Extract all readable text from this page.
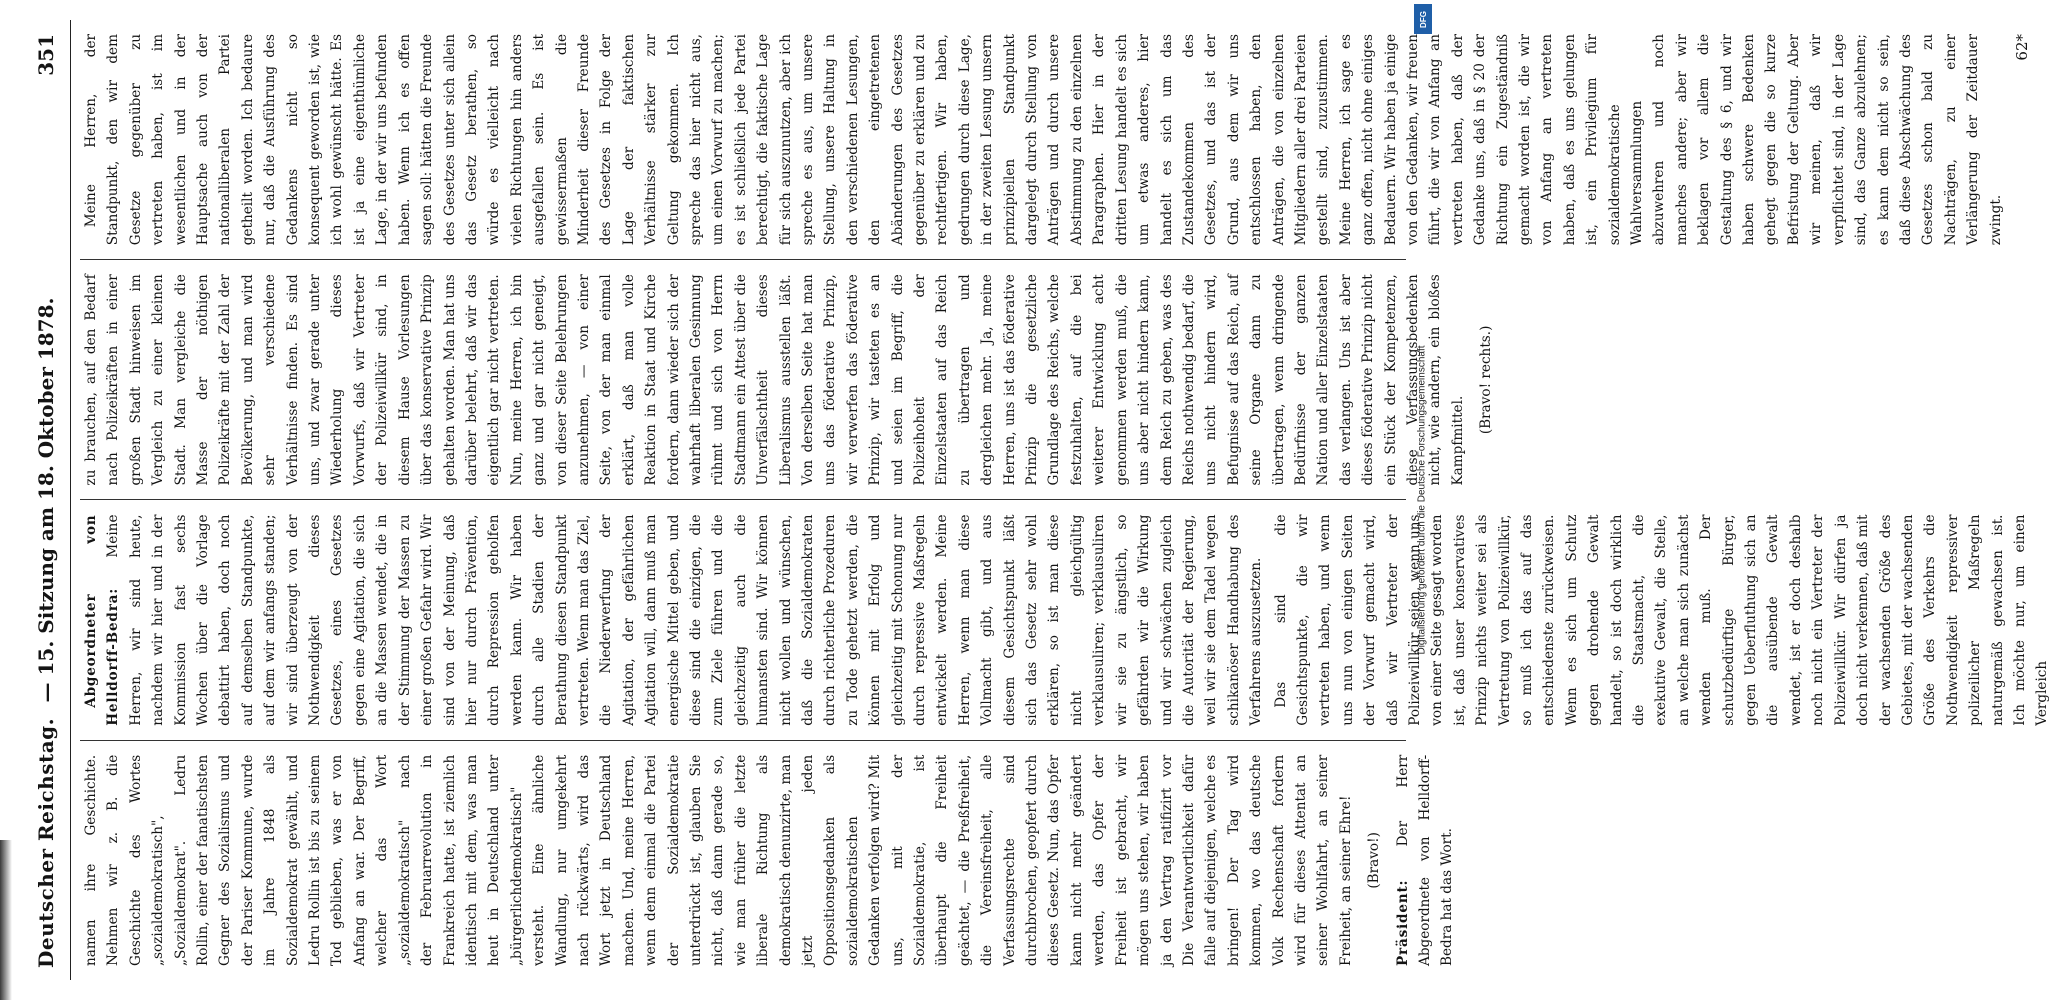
Deutscher Reichstag.
— 15. Sitzung am 18. Oktober 1878.
351

namen ihre Geschichte. Nehmen wir z. B. die Geschichte des Wortes „sozialdemokratisch", „Sozialdemokrat". Ledru Rollin, einer der fanatischsten Gegner des Sozialismus und der Pariser Kommune, wurde im Jahre 1848 als Sozialdemokrat gewählt, und Ledru Rollin ist bis zu seinem Tod geblieben, was er von Anfang an war. Der Begriff, welcher das Wort „sozialdemokratisch" nach der Februarrevolution in Frankreich hatte, ist ziemlich identisch mit dem, was man heut in Deutschland unter „bürgerlichdemokratisch" versteht. Eine ähnliche Wandlung, nur umgekehrt nach rückwärts, wird das Wort jetzt in Deutschland machen. Und, meine Herren, wenn denn einmal die Partei der Sozialdemokratie unterdrückt ist, glauben Sie nicht, daß dann gerade so, wie man früher die letzte liberale Richtung als demokratisch denunzirte, man jetzt jeden Oppositionsgedanken als sozialdemokratischen Gedanken verfolgen wird? Mit uns, mit der Sozialdemokratie, ist überhaupt die Freiheit geächtet, — die Preßfreiheit, die Vereinsfreiheit, alle Verfassungsrechte sind durchbrochen, geopfert durch dieses Gesetz. Nun, das Opfer kann nicht mehr geändert werden, das Opfer der Freiheit ist gebracht, wir mögen uns stehen, wir haben ja den Vertrag ratifizirt vor Die Verantwortlichkeit dafür falle auf diejenigen, welche es bringen! Der Tag wird kommen, wo das deutsche Volk Rechenschaft fordern wird für dieses Attentat an seiner Wohlfahrt, an seiner Freiheit, an seiner Ehre! (Bravo!)

Präsident: Der Herr Abgeordnete von Helldorff-Bedra hat das Wort.

Abgeordneter von Helldorff-Bedra: Meine Herren, wir sind heute, nachdem wir hier und in der Kommission fast sechs Wochen über die Vorlage debattirt haben, doch noch auf demselben Standpunkte, auf dem wir anfangs standen; wir sind überzeugt von der Nothwendigkeit dieses Gesetzes, eines Gesetzes gegen eine Agitation, die sich an die Massen wendet, die in der Stimmung der Massen zu einer großen Gefahr wird. Wir sind von der Meinung, daß hier nur durch Prävention, durch Repression geholfen werden kann. Wir haben durch alle Stadien der Berathung diesen Standpunkt vertreten. Wenn man das Ziel, die Niederwerfung der Agitation, der gefährlichen Agitation will, dann muß man energische Mittel geben, und diese sind die einzigen, die zum Ziele führen und die gleichzeitig auch die humansten sind. Wir können nicht wollen und wünschen, daß die Sozialdemokraten durch richterliche Prozeduren zu Tode gehetzt werden, die können mit Erfolg und gleichzeitig mit Schonung nur durch repressive Maßregeln entwickelt werden. Meine Herren, wenn man diese Vollmacht gibt, und aus diesem Gesichtspunkt läßt sich das Gesetz sehr wohl erklären, so ist man diese nicht gleichgültig verklausuliren; verklausuliren wir sie zu ängstlich, so gefährden wir die Wirkung und wir schwächen zugleich die Autorität der Regierung, weil wir sie dem Tadel wegen schikanöser Handhabung des Verfahrens auszusetzen. Das sind die Gesichtspunkte, die wir vertreten haben, und wenn uns nun von einigen Seiten der Vorwurf gemacht wird, daß wir Vertreter der Polizeiwillkür seien, wenn uns von einer Seite gesagt worden ist, daß unser konservatives Prinzip nichts weiter sei als Vertretung von Polizeiwillkür, so muß ich das auf das entschiedenste zurückweisen. Wenn es sich um Schutz gegen drohende Gewalt handelt, so ist doch wirklich die Staatsmacht, die exekutive Gewalt, die Stelle, an welche man sich zunächst wenden muß. Der schutzbedürftige Bürger, gegen Ueberfluthung sich an die ausübende Gewalt wendet, ist er doch deshalb noch nicht ein Vertreter der Polizeiwillkür. Wir dürfen ja doch nicht verkennen, daß mit der wachsenden Größe des Gebietes, mit der wachsenden Größe des Verkehrs die Nothwendigkeit repressiver polizeilicher Maßregeln naturgemäß gewachsen ist. Ich möchte nur, um einen Vergleich

zu brauchen, auf den Bedarf nach Polizeikräften in einer großen Stadt hinweisen im Vergleich zu einer kleinen Stadt. Man vergleiche die Masse der nöthigen Polizeikräfte mit der Zahl der Bevölkerung, und man wird sehr verschiedene Verhältnisse finden. Es sind uns, und zwar gerade unter Wiederholung dieses Vorwurfs, daß wir Vertreter der Polizeiwillkür sind, in diesem Hause Vorlesungen über das konservative Prinzip gehalten worden. Man hat uns darüber belehrt, daß wir das eigentlich gar nicht vertreten. Nun, meine Herren, ich bin ganz und gar nicht geneigt, von dieser Seite Belehrungen anzunehmen, — von einer Seite, von der man einmal erklärt, daß man volle Reaktion in Staat und Kirche fordern, dann wieder sich der wahrhaft liberalen Gesinnung rühmt und sich von Herrn Stadtmann ein Attest über die Unverfälschtheit dieses Liberalismus ausstellen läßt. Von derselben Seite hat man uns das föderative Prinzip, wir verwerfen das föderative Prinzip, wir tasteten es an und seien im Begriff, die Polizeihoheit der Einzelstaaten auf das Reich zu übertragen und dergleichen mehr. Ja, meine Herren, uns ist das föderative Prinzip die gesetzliche Grundlage des Reichs, welche festzuhalten, auf die bei weiterer Entwicklung acht genommen werden muß, die uns aber nicht hindern kann, dem Reich zu geben, was des Reichs nothwendig bedarf, die uns nicht hindern wird, Befugnisse auf das Reich, auf seine Organe dann zu übertragen, wenn dringende Bedürfnisse der ganzen Nation und aller Einzelstaaten das verlangen. Uns ist aber dieses föderative Prinzip nicht ein Stück der Kompetenzen, diese Verfassungsbedenken nicht, wie andern, ein bloßes Kampfmittel.

(Bravo! rechts.)

Meine Herren, der Standpunkt, den wir dem Gesetze gegenüber zu vertreten haben, ist im wesentlichen und in der Hauptsache auch von der nationalliberalen Partei getheilt worden. Ich bedaure nur, daß die Ausführung des Gedankens nicht so konsequent geworden ist, wie ich wohl gewünscht hätte. Es ist ja eine eigenthümliche Lage, in der wir uns befunden haben. Wenn ich es offen sagen soll: hätten die Freunde des Gesetzes unter sich allein das Gesetz berathen, so würde es vielleicht nach vielen Richtungen hin anders ausgefallen sein. Es ist gewissermaßen die Minderheit dieser Freunde des Gesetzes in Folge der Lage der faktischen Verhältnisse stärker zur Geltung gekommen. Ich spreche das hier nicht aus, um einen Vorwurf zu machen; es ist schließlich jede Partei berechtigt, die faktische Lage für sich auszunutzen, aber ich spreche es aus, um unsere Stellung, unsere Haltung in den verschiedenen Lesungen, den eingetretenen Abänderungen des Gesetzes gegenüber zu erklären und zu rechtfertigen. Wir haben, gedrungen durch diese Lage, in der zweiten Lesung unsern prinzipiellen Standpunkt dargelegt durch Stellung von Anträgen und durch unsere Abstimmung zu den einzelnen Paragraphen. Hier in der dritten Lesung handelt es sich um etwas anderes, hier handelt es sich um das Zustandekommen des Gesetzes, und das ist der Grund, aus dem wir uns entschlossen haben, den Anträgen, die von einzelnen Mitgliedern aller drei Parteien gestellt sind, zuzustimmen. Meine Herren, ich sage es ganz offen, nicht ohne einiges Bedauern. Wir haben ja einige von den Gedanken, wir freuen führt, die wir von Anfang an vertreten haben, daß der Gedanke uns, daß in § 20 der Richtung ein Zugeständniß gemacht worden ist, die wir von Anfang an vertreten haben, daß es uns gelungen ist, ein Privilegium für sozialdemokratische Wahlversammlungen abzuwehren und noch manches andere; aber wir beklagen vor allem die Gestaltung des § 6, und wir haben schwere Bedenken gehegt gegen die so kurze Befristung der Geltung. Aber wir meinen, daß wir verpflichtet sind, in der Lage sind, das Ganze abzulehnen; es kann dem nicht so sein, daß diese Abschwächung des Gesetzes schon bald zu Nachträgen, zu einer Verlängerung der Zeitdauer zwingt.

62*

Digitalisierung gefördert durch die Deutsche Forschungsgemeinschaft
DFG
